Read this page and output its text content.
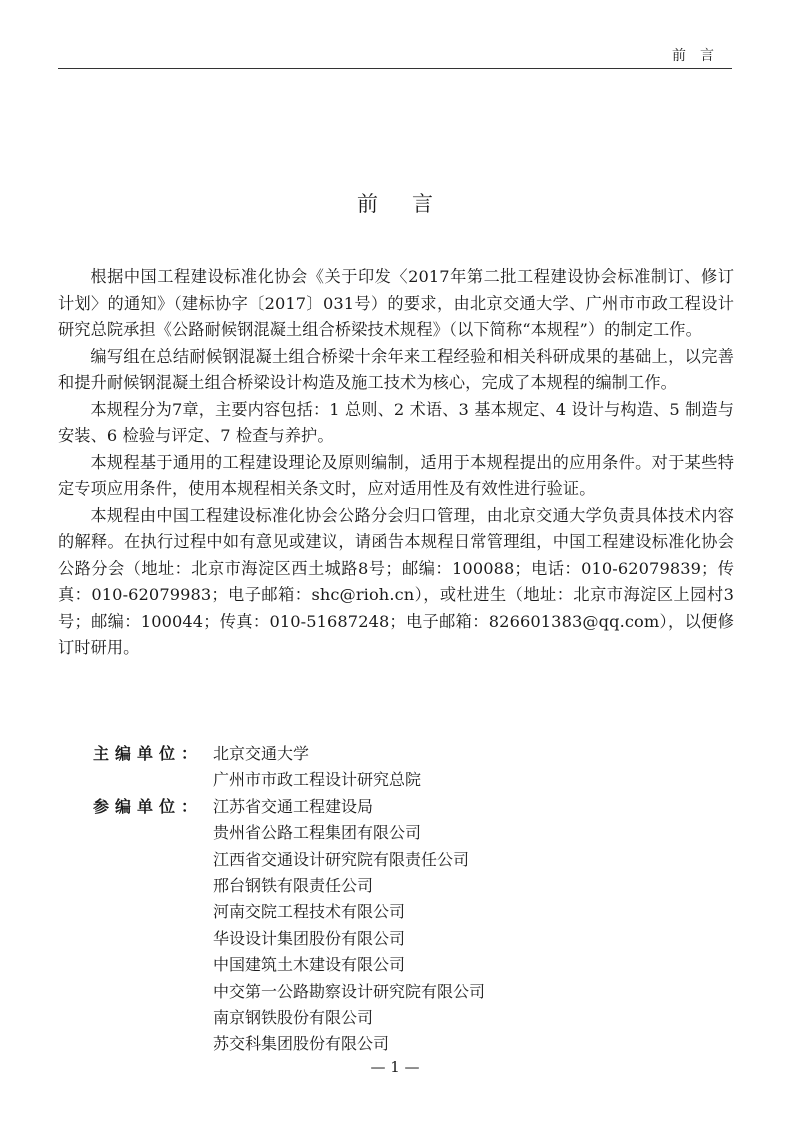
前言
前言

根据中国工程建设标准化协会《关于印发〈2017年第二批工程建设协会标准制订、修订计划〉的通知》（建标协字〔2017〕031号）的要求，由北京交通大学、广州市市政工程设计研究总院承担《公路耐候钢混凝土组合桥梁技术规程》（以下简称“本规程”）的制定工作。

编写组在总结耐候钢混凝土组合桥梁十余年来工程经验和相关科研成果的基础上，以完善和提升耐候钢混凝土组合桥梁设计构造及施工技术为核心，完成了本规程的编制工作。

本规程分为7章，主要内容包括：1 总则、2 术语、3 基本规定、4 设计与构造、5 制造与安装、6 检验与评定、7 检查与养护。

本规程基于通用的工程建设理论及原则编制，适用于本规程提出的应用条件。对于某些特定专项应用条件，使用本规程相关条文时，应对适用性及有效性进行验证。

本规程由中国工程建设标准化协会公路分会归口管理，由北京交通大学负责具体技术内容的解释。在执行过程中如有意见或建议，请函告本规程日常管理组，中国工程建设标准化协会公路分会（地址：北京市海淀区西土城路8号；邮编：100088；电话：010-62079839；传真：010-62079983；电子邮箱：shc@rioh.cn），或杜进生（地址：北京市海淀区上园村3号；邮编：100044；传真：010-51687248；电子邮箱：826601383@qq.com），以便修订时研用。

主编单位： 北京交通大学
广州市市政工程设计研究总院
参编单位： 江苏省交通工程建设局
贵州省公路工程集团有限公司
江西省交通设计研究院有限责任公司
邢台钢铁有限责任公司
河南交院工程技术有限公司
华设设计集团股份有限公司
中国建筑土木建设有限公司
中交第一公路勘察设计研究院有限公司
南京钢铁股份有限公司
苏交科集团股份有限公司
— 1 —
